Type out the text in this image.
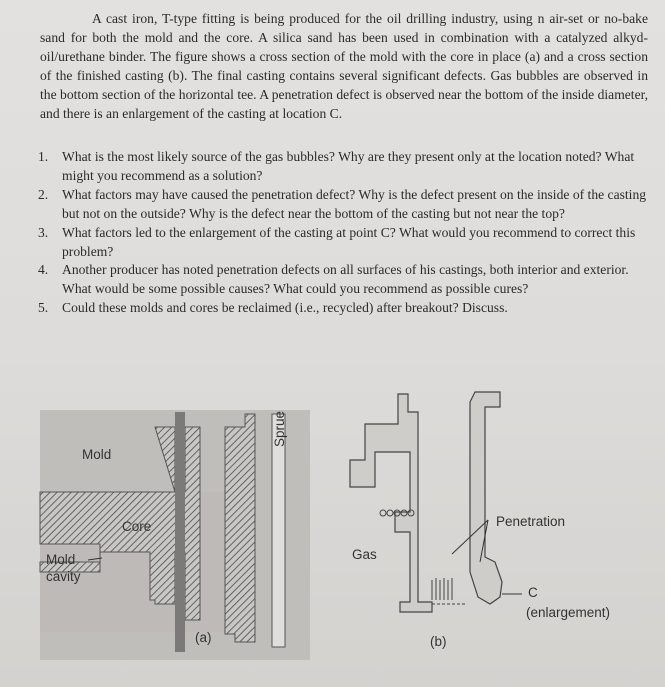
A cast iron, T-type fitting is being produced for the oil drilling industry, using n air-set or no-bake sand for both the mold and the core. A silica sand has been used in combination with a catalyzed alkyd-oil/urethane binder. The figure shows a cross section of the mold with the core in place (a) and a cross section of the finished casting (b). The final casting contains several significant defects. Gas bubbles are observed in the bottom section of the horizontal tee. A penetration defect is observed near the bottom of the inside diameter, and there is an enlargement of the casting at location C.

1. What is the most likely source of the gas bubbles? Why are they present only at the location noted? What might you recommend as a solution?
2. What factors may have caused the penetration defect? Why is the defect present on the inside of the casting but not on the outside? Why is the defect near the bottom of the casting but not near the top?
3. What factors led to the enlargement of the casting at point C? What would you recommend to correct this problem?
4. Another producer has noted penetration defects on all surfaces of his castings, both interior and exterior. What would be some possible causes? What could you recommend as possible cures?
5. Could these molds and cores be reclaimed (i.e., recycled) after breakout? Discuss.
Mold
Core
Mold
cavity
Sprue
Gas
Penetration
C
(enlargement)
(a)	(b)
